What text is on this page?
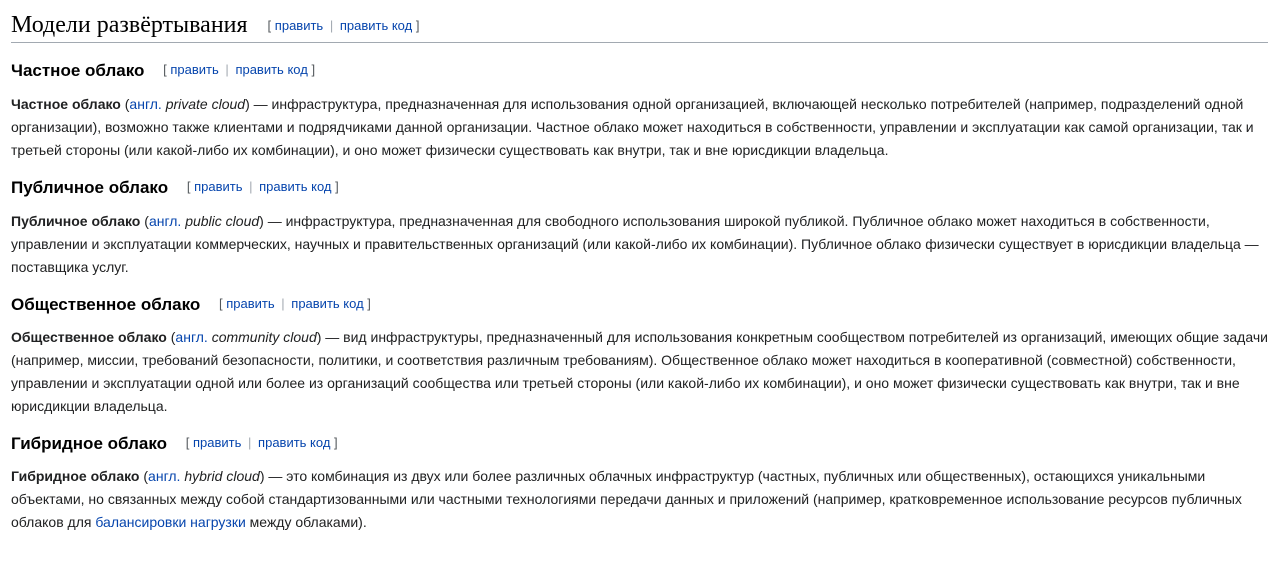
Модели развёртывания [ править | править код ]
Частное облако [ править | править код ]

Частное облако (англ. private cloud) — инфраструктура, предназначенная для использования одной организацией, включающей несколько потребителей (например, подразделений одной организации), возможно также клиентами и подрядчиками данной организации. Частное облако может находиться в собственности, управлении и эксплуатации как самой организации, так и третьей стороны (или какой-либо их комбинации), и оно может физически существовать как внутри, так и вне юрисдикции владельца.

Публичное облако [ править | править код ]

Публичное облако (англ. public cloud) — инфраструктура, предназначенная для свободного использования широкой публикой. Публичное облако может находиться в собственности, управлении и эксплуатации коммерческих, научных и правительственных организаций (или какой-либо их комбинации). Публичное облако физически существует в юрисдикции владельца — поставщика услуг.

Общественное облако [ править | править код ]

Общественное облако (англ. community cloud) — вид инфраструктуры, предназначенный для использования конкретным сообществом потребителей из организаций, имеющих общие задачи (например, миссии, требований безопасности, политики, и соответствия различным требованиям). Общественное облако может находиться в кооперативной (совместной) собственности, управлении и эксплуатации одной или более из организаций сообщества или третьей стороны (или какой-либо их комбинации), и оно может физически существовать как внутри, так и вне юрисдикции владельца.

Гибридное облако [ править | править код ]

Гибридное облако (англ. hybrid cloud) — это комбинация из двух или более различных облачных инфраструктур (частных, публичных или общественных), остающихся уникальными объектами, но связанных между собой стандартизованными или частными технологиями передачи данных и приложений (например, кратковременное использование ресурсов публичных облаков для балансировки нагрузки между облаками).
